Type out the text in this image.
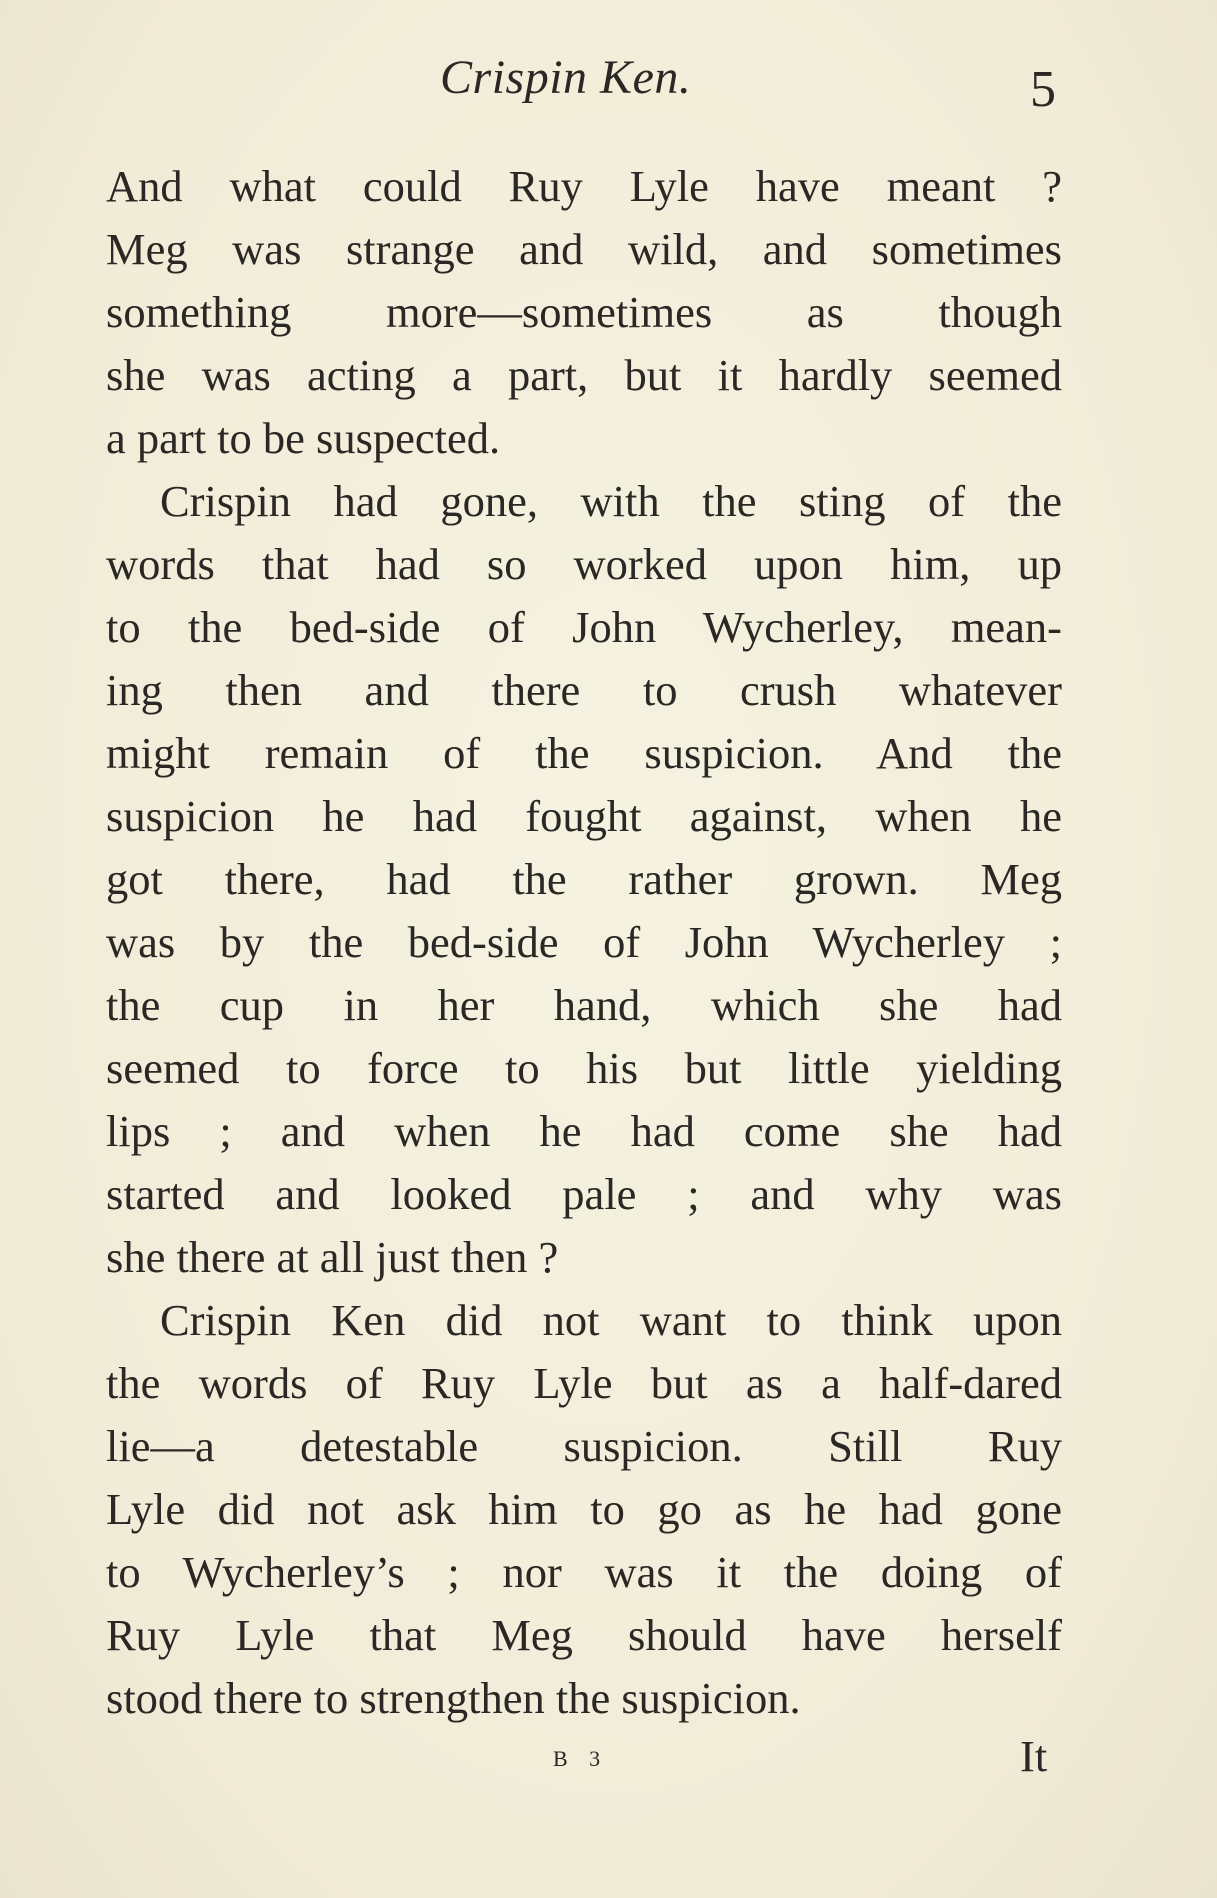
Crispin Ken.	5

And what could Ruy Lyle have meant ?
Meg was strange and wild, and sometimes
something more—sometimes as though
she was acting a part, but it hardly seemed
a part to be suspected.

Crispin had gone, with the sting of the
words that had so worked upon him, up
to the bed-side of John Wycherley, mean-
ing then and there to crush whatever
might remain of the suspicion. And the
suspicion he had fought against, when he
got there, had the rather grown. Meg
was by the bed-side of John Wycherley ;
the cup in her hand, which she had
seemed to force to his but little yielding
lips ; and when he had come she had
started and looked pale ; and why was
she there at all just then ?

Crispin Ken did not want to think upon
the words of Ruy Lyle but as a half-dared
lie—a detestable suspicion. Still Ruy
Lyle did not ask him to go as he had gone
to Wycherley’s ; nor was it the doing of
Ruy Lyle that Meg should have herself
stood there to strengthen the suspicion.

B 3	It
